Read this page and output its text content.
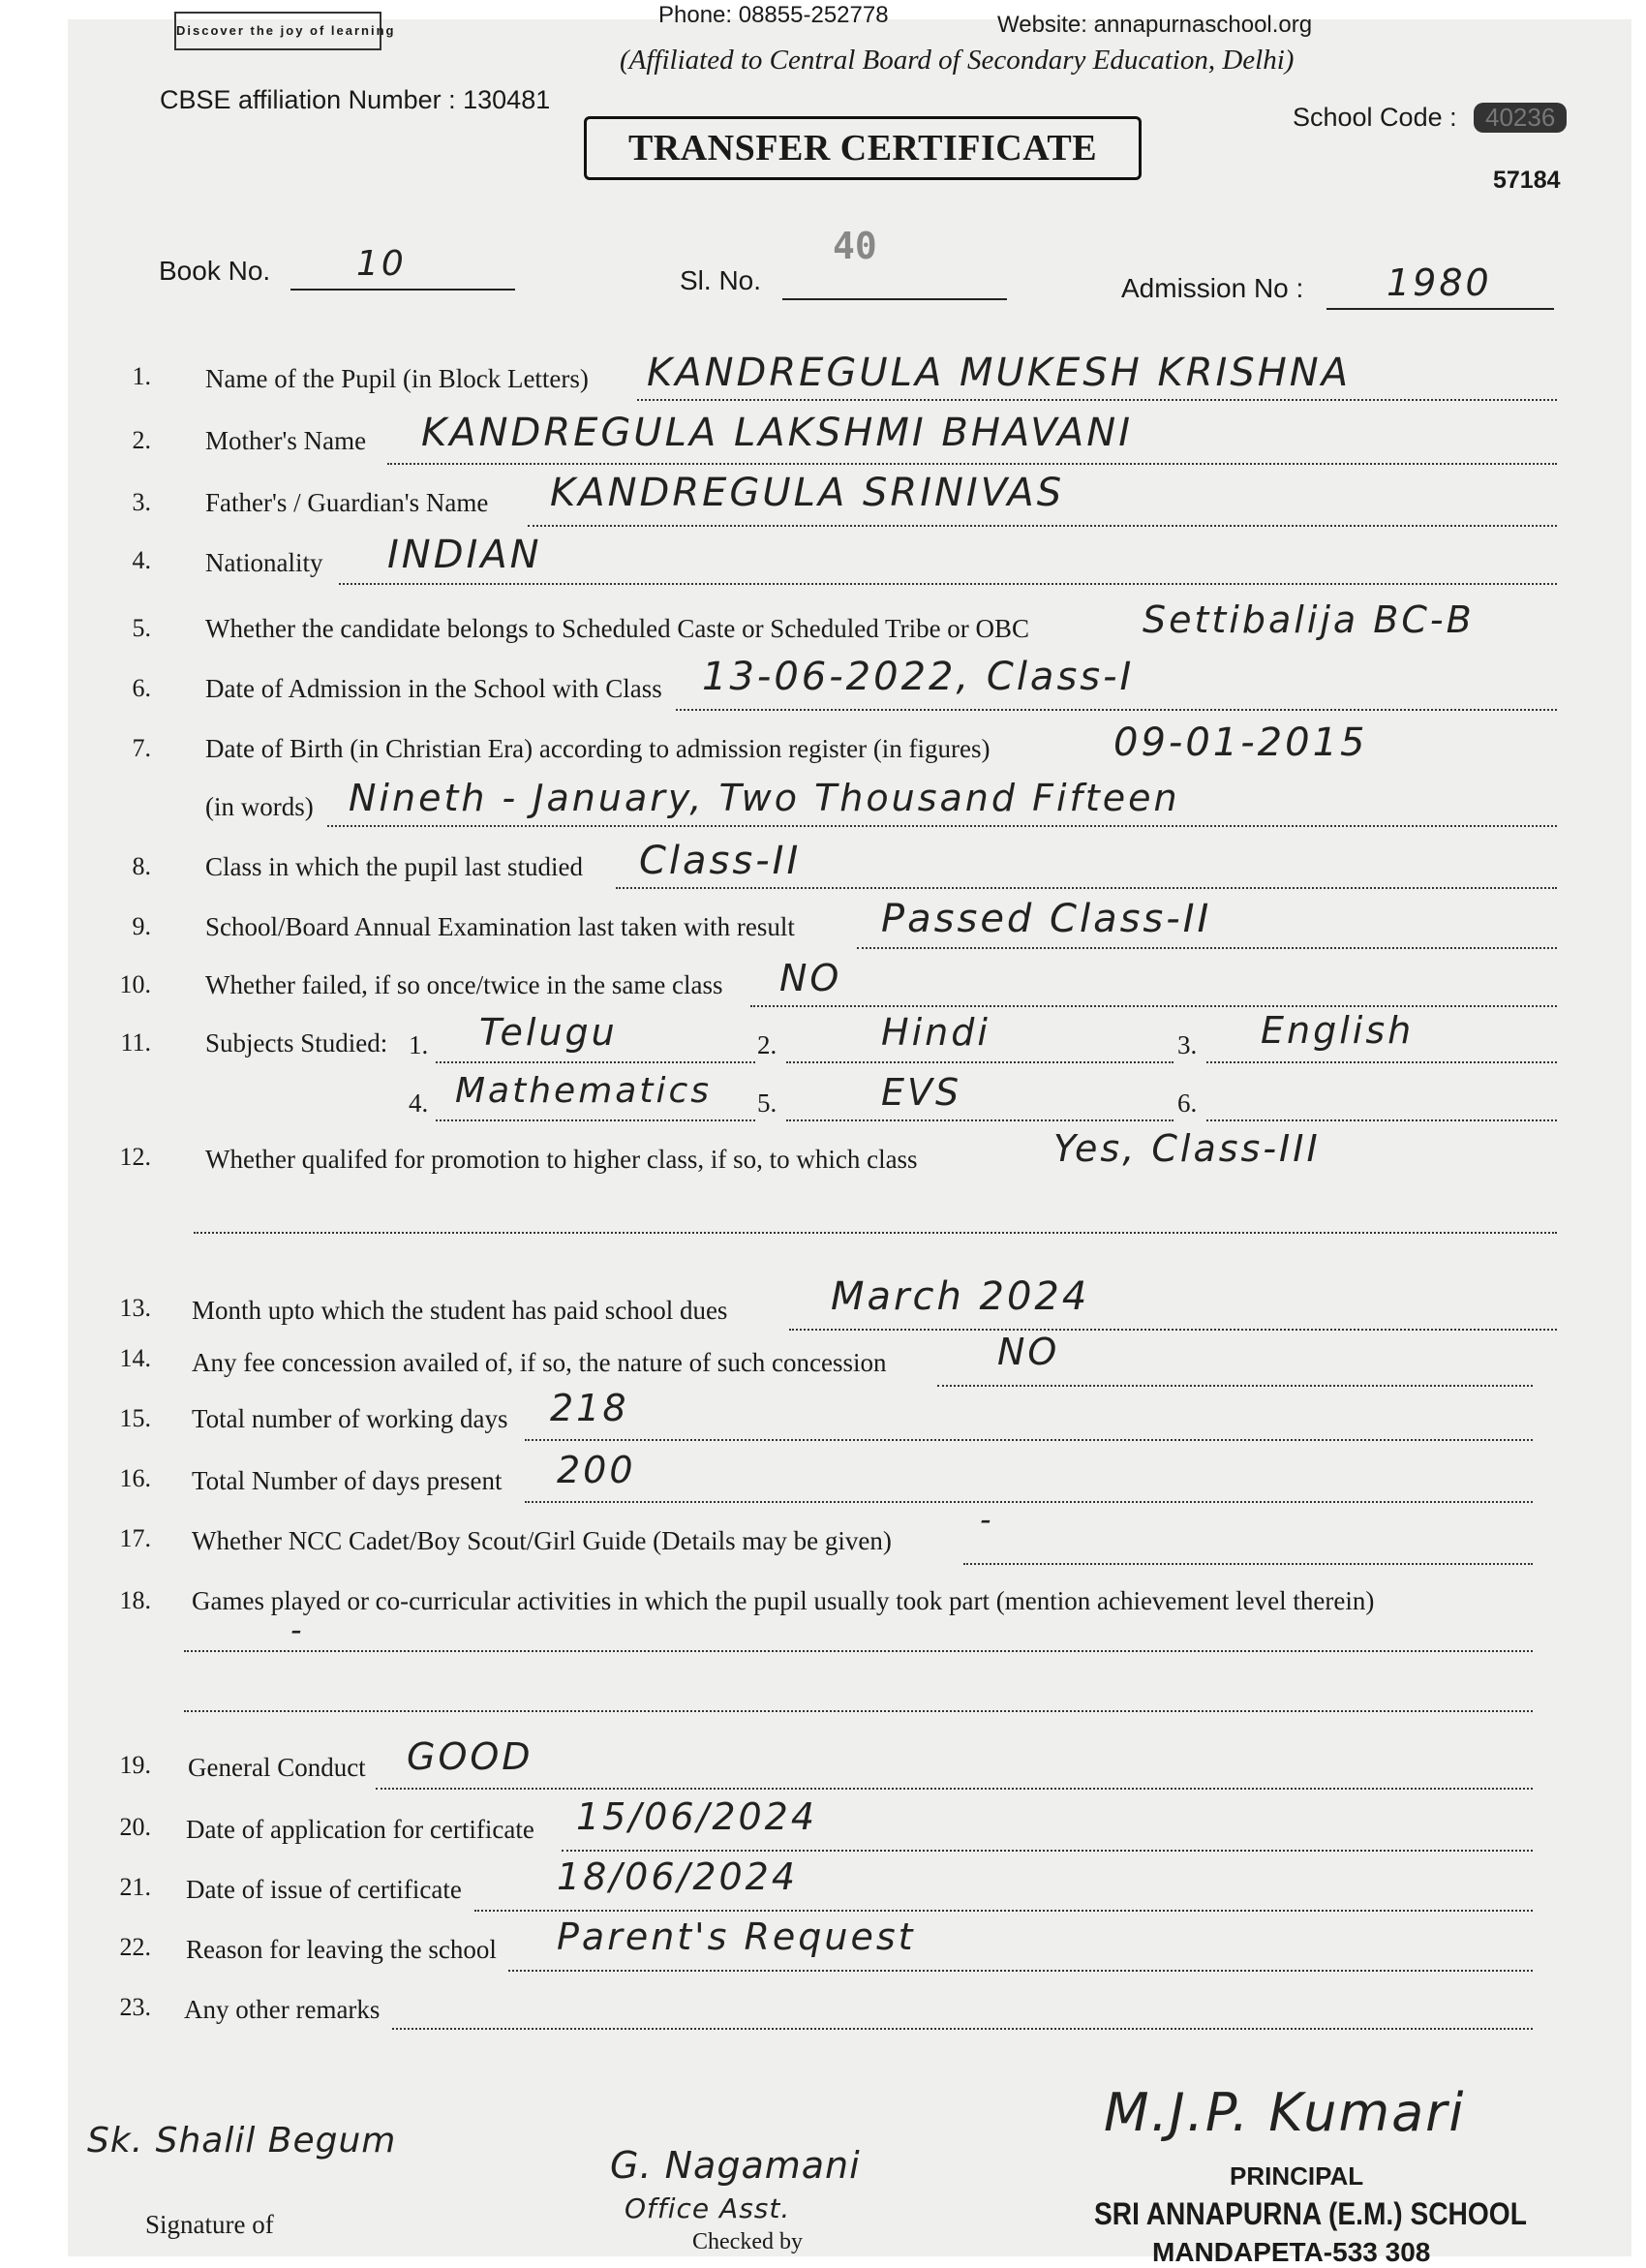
Discover the joy of learning
Phone: 08855-252778	Website: annapurnaschool.org
(Affiliated to Central Board of Secondary Education, Delhi)
CBSE affiliation Number : 130481
School Code :	40236
TRANSFER CERTIFICATE
57184
Book No. 10	Sl. No.
40
Admission No : 1980
1. Name of the Pupil (in Block Letters) KANDREGULA MUKESH KRISHNA
2. Mother's Name KANDREGULA LAKSHMI BHAVANI
3. Father's / Guardian's Name KANDREGULA SRINIVAS
4. Nationality INDIAN
5. Whether the candidate belongs to Scheduled Caste or Scheduled Tribe or OBC	Settibalija BC-B
6. Date of Admission in the School with Class 13-06-2022, Class-I
7. Date of Birth (in Christian Era) according to admission register (in figures)	09-01-2015
(in words) Nineth - January, Two Thousand Fifteen
8. Class in which the pupil last studied Class-II
9. School/Board Annual Examination last taken with result Passed Class-II
10. Whether failed, if so once/twice in the same class NO
11. Subjects Studied: 1. Telugu	2.	Hindi	3. English
4. Mathematics 5.	EVS	6.
12. Whether qualifed for promotion to higher class, if so, to which class	Yes, Class-III
13. Month upto which the student has paid school dues	March 2024
14. Any fee concession availed of, if so, the nature of such concession	NO
15. Total number of working days 218
16. Total Number of days present 200
17. Whether NCC Cadet/Boy Scout/Girl Guide (Details may be given)
-
18. Games played or co-curricular activities in which the pupil usually took part (mention achievement level therein)
-
19. General Conduct GOOD
20. Date of application for certificate 15/06/2024
21. Date of issue of certificate	18/06/2024
22. Reason for leaving the school Parent's Request
23. Any other remarks
Sk. Shalil Begum
Signature of
G. Nagamani
Office Asst.
Checked by
M.J.P. Kumari
PRINCIPAL
SRI ANNAPURNA (E.M.) SCHOOL
MANDAPETA-533 308
